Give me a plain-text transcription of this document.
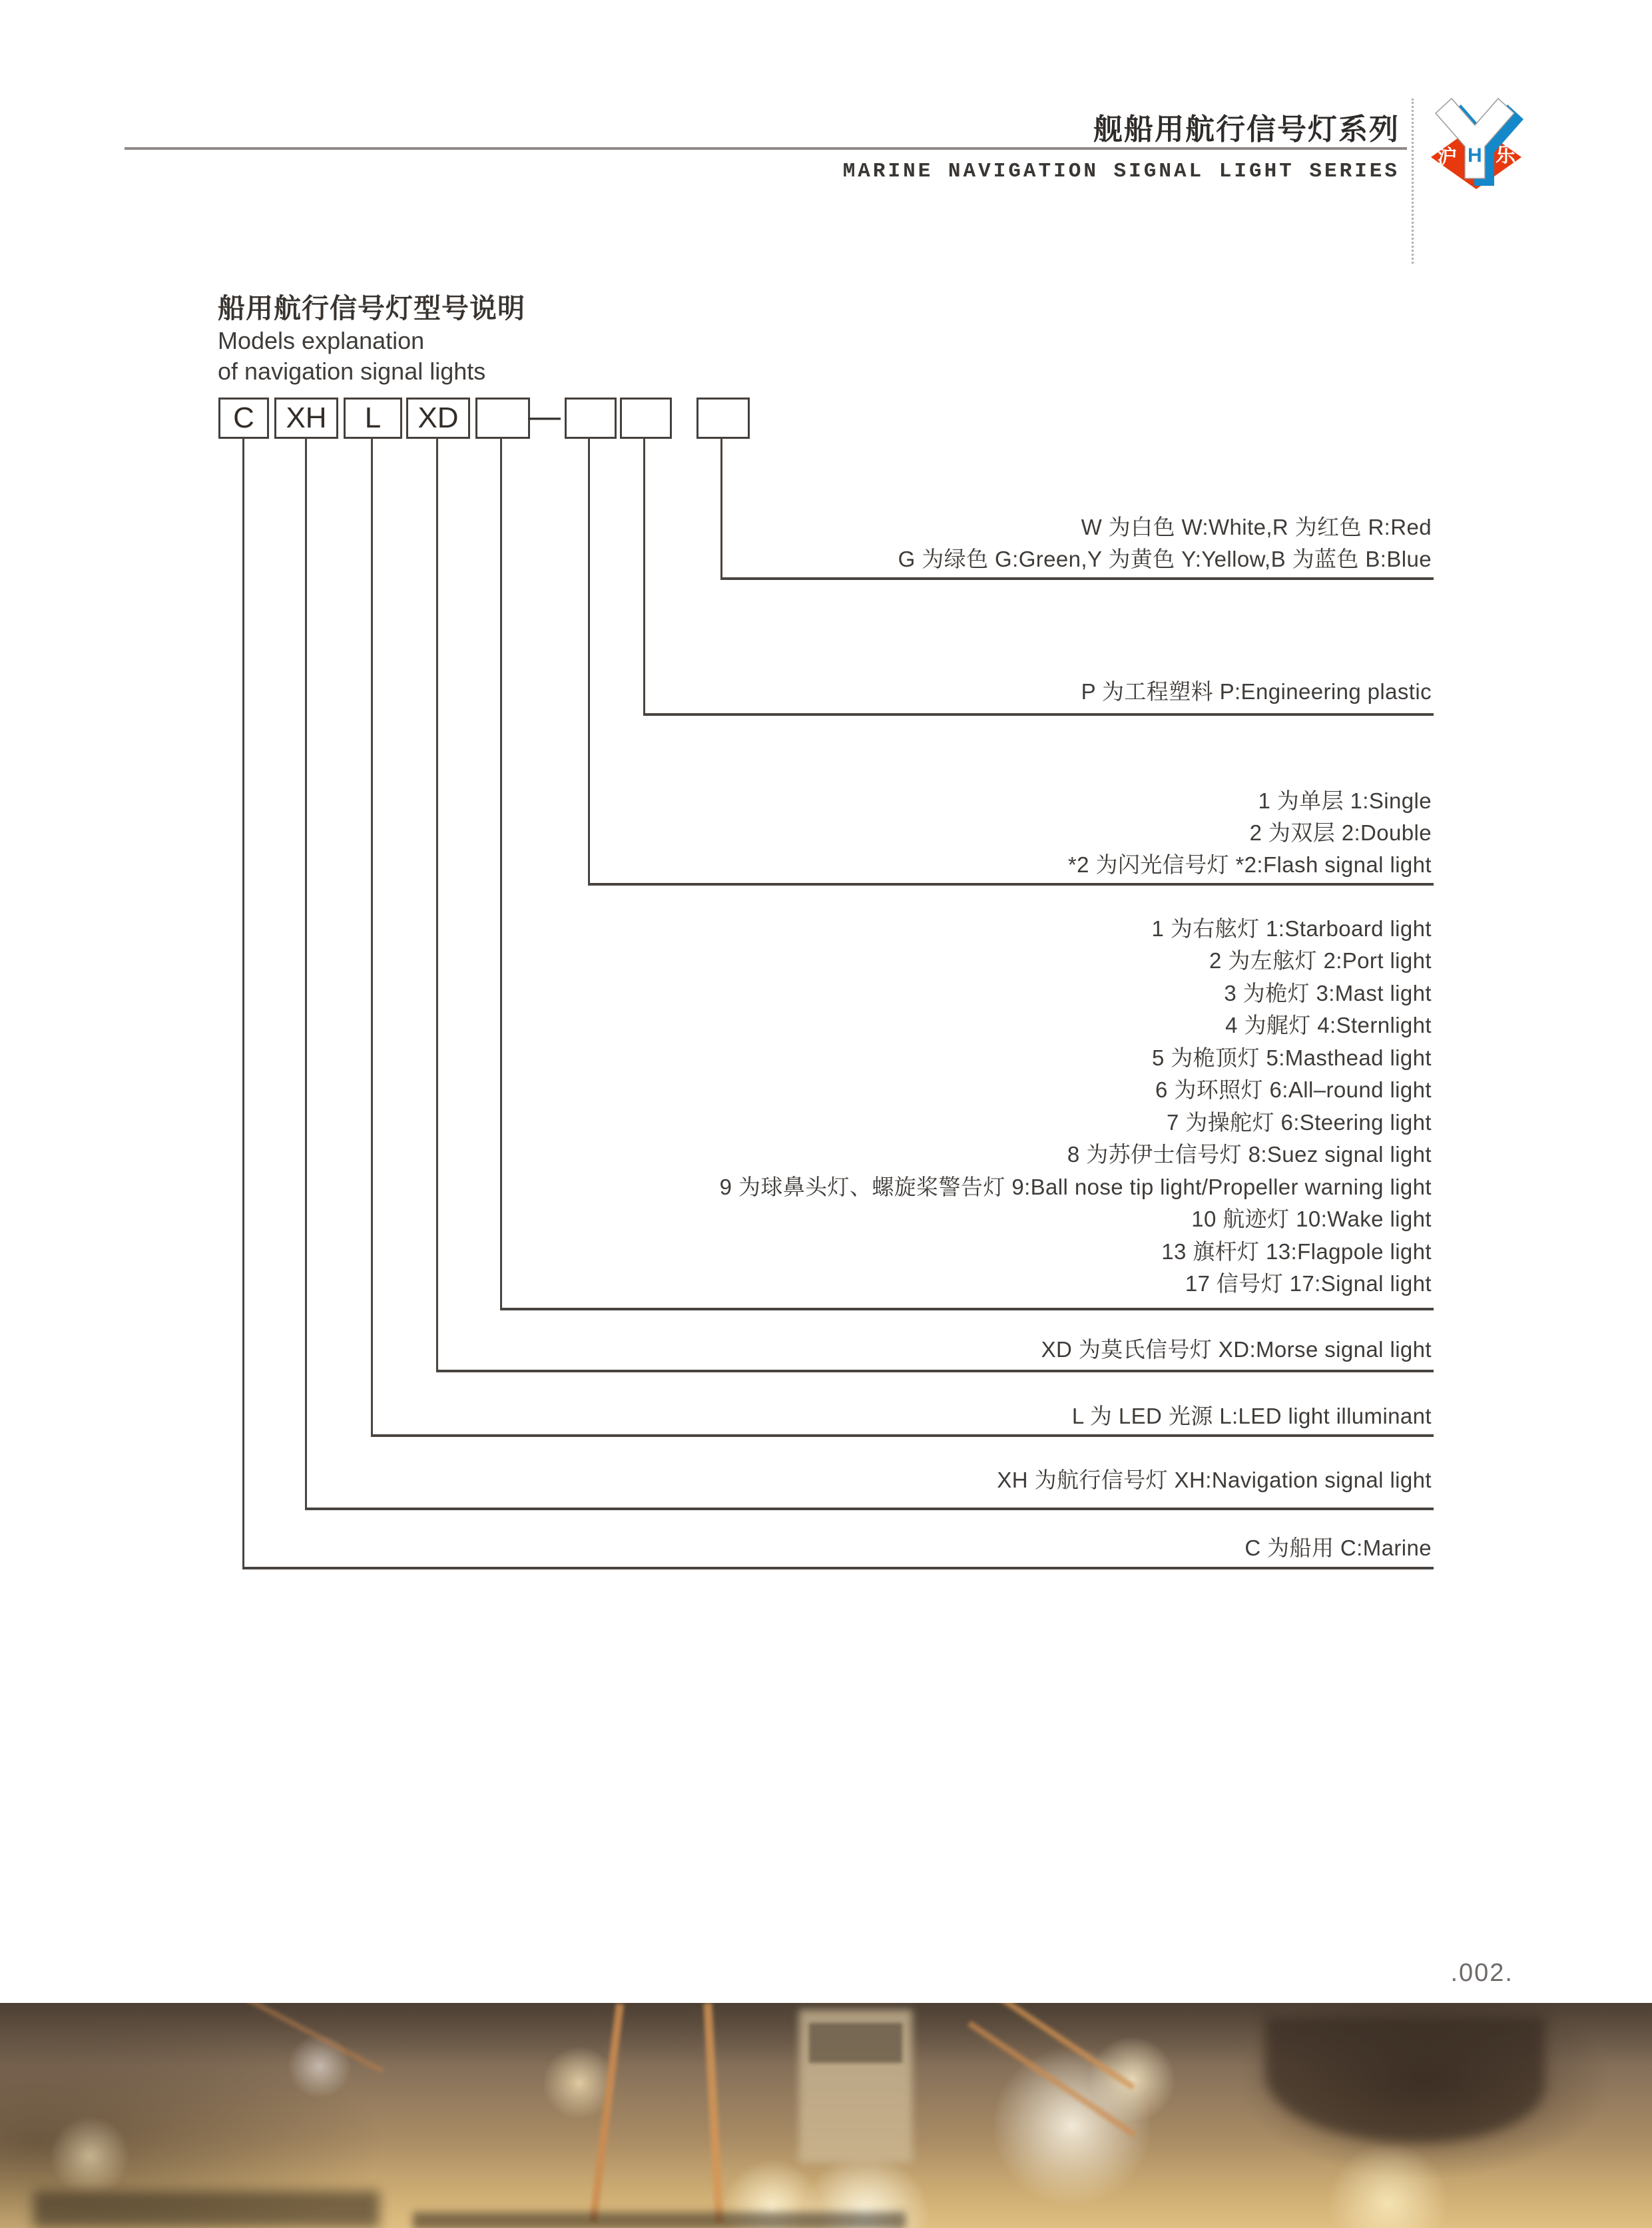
舰船用航行信号灯系列
MARINE NAVIGATION SIGNAL LIGHT SERIES
沪 H 乐
船用航行信号灯型号说明
Models explanation
of navigation signal lights
C	XH	L	XD	—
W 为白色 W:White,R 为红色 R:Red
G 为绿色 G:Green,Y 为黄色 Y:Yellow,B 为蓝色 B:Blue
P 为工程塑料 P:Engineering plastic
1 为单层 1:Single
2 为双层 2:Double
*2 为闪光信号灯 *2:Flash signal light
1 为右舷灯 1:Starboard light
2 为左舷灯 2:Port light
3 为桅灯 3:Mast light
4 为艉灯 4:Sternlight
5 为桅顶灯 5:Masthead light
6 为环照灯 6:All–round light
7 为操舵灯 6:Steering light
8 为苏伊士信号灯 8:Suez signal light
9 为球鼻头灯、螺旋桨警告灯 9:Ball nose tip light/Propeller warning light
10 航迹灯 10:Wake light
13 旗杆灯 13:Flagpole light
17 信号灯 17:Signal light
XD 为莫氏信号灯 XD:Morse signal light
L 为 LED 光源 L:LED light illuminant
XH 为航行信号灯 XH:Navigation signal light
C 为船用 C:Marine
.002.
